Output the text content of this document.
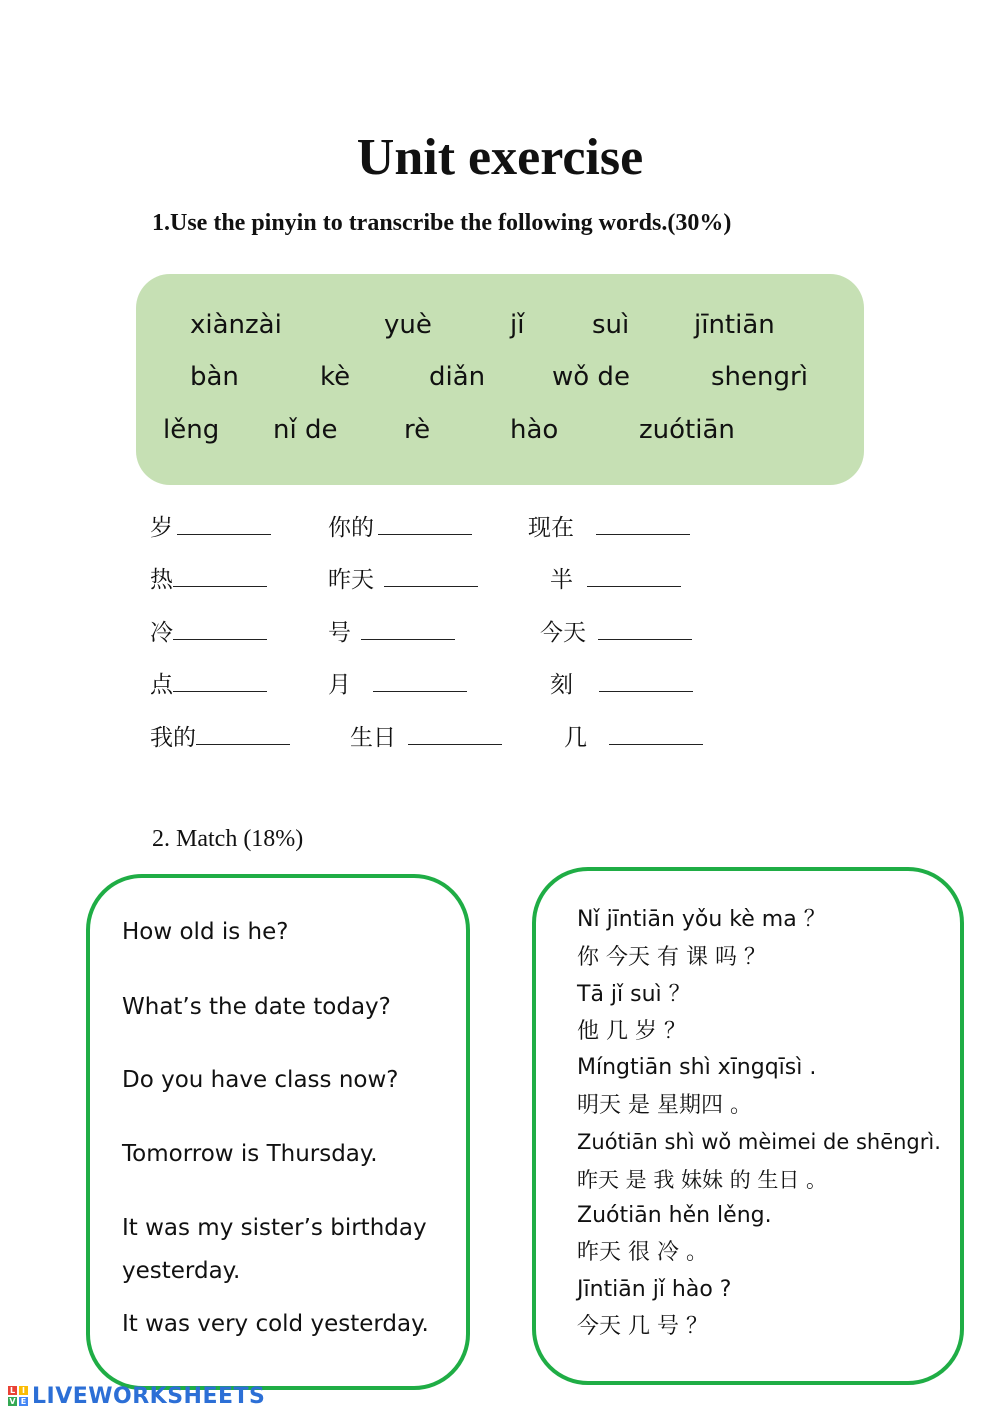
Unit exercise
1.Use the pinyin to transcribe the following words.(30%)
xiànzài	yuè	jǐ	suì jīntiān
bàn	kè	diǎn	wǒ de	shengrì
lěng nǐ de	rè	hào	zuótiān
岁	你的	现在
热	昨天	半
冷	号	今天
点	月	刻
我的	生日	几
2. Match (18%)
How old is he?
What’s the date today?
Do you have class now?
Tomorrow is Thursday.
It was my sister’s birthday
yesterday.
It was very cold yesterday.
Nǐ jīntiān yǒu kè ma ？
你 今天 有 课 吗 ？
Tā jǐ suì ？
他 几 岁 ？
Míngtiān shì xīngqīsì .
明天 是 星期四 。
Zuótiān shì wǒ mèimei de shēngrì.
昨天 是 我 妹妹 的 生日 。
Zuótiān hěn lěng.
昨天 很 冷 。
Jīntiān jǐ hào ?
今天 几 号 ？
L I
V E LIVEWORKSHEETS
